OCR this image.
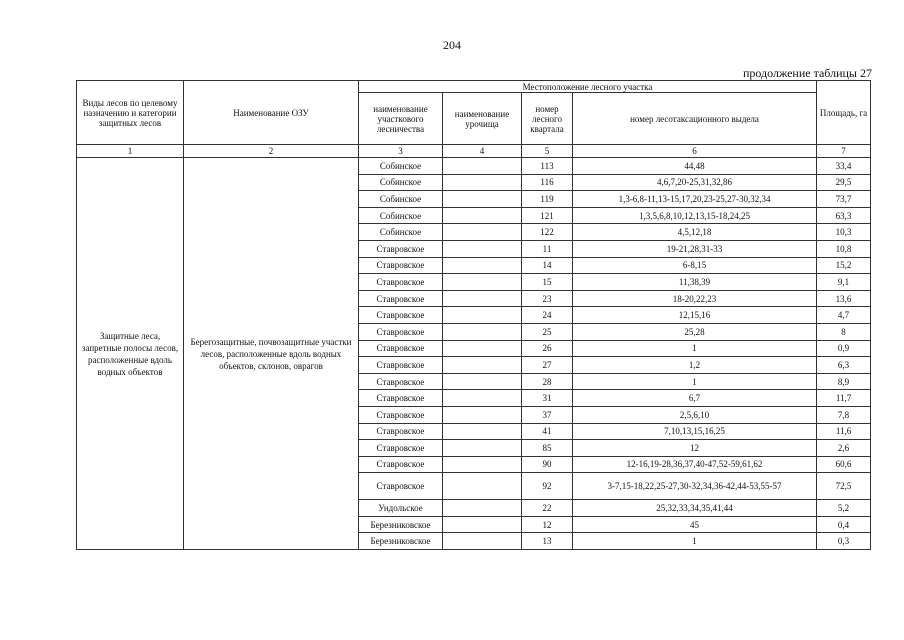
204
продолжение таблицы 27
Виды лесов по целевому назначению и категории защитных лесов	Наименование ОЗУ	Местоположение лесного участка				Площадь, га
		наименование участкового лесничества	наименование урочища	номер лесного квартала	номер лесотаксационного выдела	
1	2	3	4	5	6	7
Защитные леса, запретные полосы лесов, расположенные вдоль водных объектов	Берегозащитные, почвозащитные участки лесов, расположенные вдоль водных объектов, склонов, оврагов	Собинское		113	44,48	33,4
		Собинское		116	4,6,7,20-25,31,32,86	29,5
		Собинское		119	1,3-6,8-11,13-15,17,20,23-25,27-30,32,34	73,7
		Собинское		121	1,3,5,6,8,10,12,13,15-18,24,25	63,3
		Собинское		122	4,5,12,18	10,3
		Ставровское		11	19-21,28,31-33	10,8
		Ставровское		14	6-8,15	15,2
		Ставровское		15	11,38,39	9,1
		Ставровское		23	18-20,22,23	13,6
		Ставровское		24	12,15,16	4,7
		Ставровское		25	25,28	8
		Ставровское		26	1	0,9
		Ставровское		27	1,2	6,3
		Ставровское		28	1	8,9
		Ставровское		31	6,7	11,7
		Ставровское		37	2,5,6,10	7,8
		Ставровское		41	7,10,13,15,16,25	11,6
		Ставровское		85	12	2,6
		Ставровское		90	12-16,19-28,36,37,40-47,52-59,61,62	60,6
		Ставровское		92	3-7,15-18,22,25-27,30-32,34,36-42,44-53,55-57	72,5
		Ундольское		22	25,32,33,34,35,41,44	5,2
		Березниковское		12	45	0,4
		Березниковское		13	1	0,3
